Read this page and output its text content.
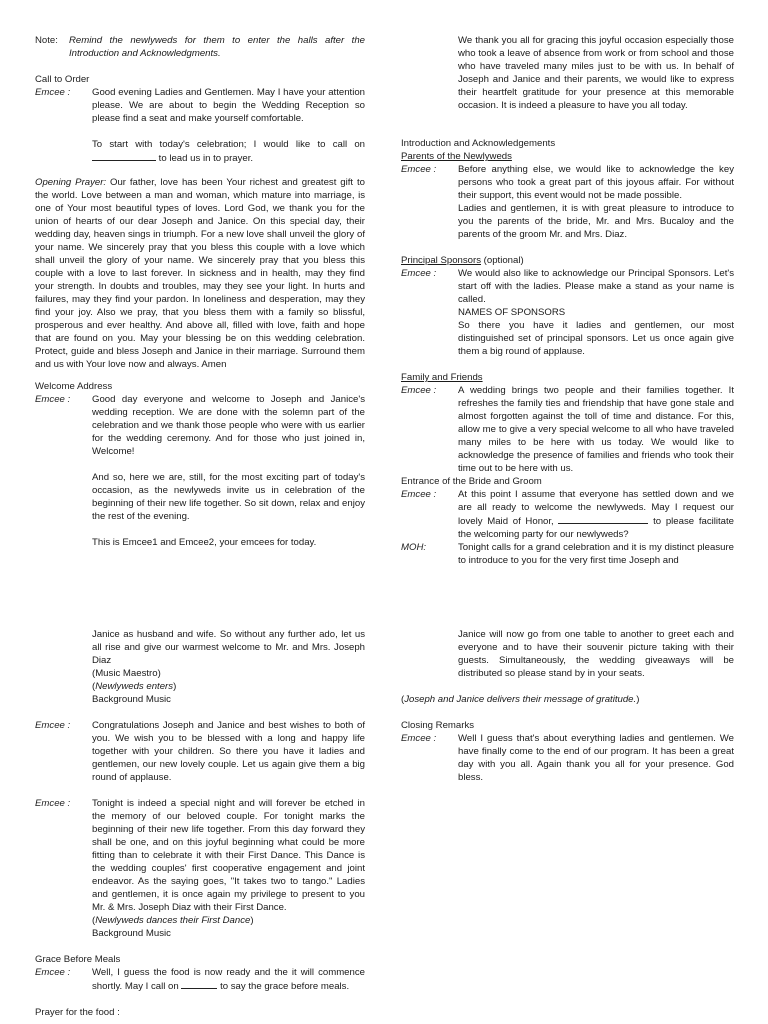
Note:	Remind the newlyweds for them to enter the halls after the Introduction and Acknowledgments.
Call to Order
Emcee :	Good evening Ladies and Gentlemen. May I have your attention please. We are about to begin the Wedding Reception so please find a seat and make yourself comfortable.

To start with today's celebration; I would like to call on  to lead us in to prayer.

Opening Prayer: Our father, love has been Your richest and greatest gift to the world. Love between a man and woman, which mature into marriage, is one of Your most beautiful types of loves. Lord God, we thank you for the union of hearts of our dear Joseph and Janice. On this special day, their wedding day, heaven sings in triumph. For a new love shall unveil the glory of your name. We sincerely pray that you bless this couple with a love which shall unveil the glory of your name. We sincerely pray that you bless this couple with a love to last forever. In sickness and in health, may they find your strength. In doubts and troubles, may they see your light. In hurts and failures, may they find your pardon. In loneliness and desperation, may they find your joy. Also we pray, that you bless them with a family so blissful, prosperous and ever healthy. And above all, filled with love, faith and hope that are found on you. May your blessing be on this wedding celebration. Protect, guide and bless Joseph and Janice in their marriage. Surround them and us with Your love now and always. Amen

Welcome Address
Emcee :	Good day everyone and welcome to Joseph and Janice's wedding reception. We are done with the solemn part of the celebration and we thank those people who were with us earlier for the wedding ceremony. And for those who just joined in, Welcome!

And so, here we are, still, for the most exciting part of today's occasion, as the newlyweds invite us in celebration of the beginning of their new life together. So sit down, relax and enjoy the rest of the evening.

This is Emcee1 and Emcee2, your emcees for today.

We thank you all for gracing this joyful occasion especially those who took a leave of absence from work or from school and those who have traveled many miles just to be with us. In behalf of Joseph and Janice and their parents, we would like to express their heartfelt gratitude for your presence at this memorable occasion. It is indeed a pleasure to have you all today.

Introduction and Acknowledgements
Parents of the Newlyweds
Emcee :	Before anything else, we would like to acknowledge the key persons who took a great part of this joyous affair. For without their support, this event would not be made possible.

Ladies and gentlemen, it is with great pleasure to introduce to you the parents of the bride, Mr. and Mrs. Bucaloy and the parents of the groom Mr. and Mrs. Diaz.

Principal Sponsors (optional)
Emcee :	We would also like to acknowledge our Principal Sponsors. Let's start off with the ladies. Please make a stand as your name is called.

NAMES OF SPONSORS

So there you have it ladies and gentlemen, our most distinguished set of principal sponsors. Let us once again give them a big round of applause.

Family and Friends
Emcee :	A wedding brings two people and their families together. It refreshes the family ties and friendship that have gone stale and almost forgotten against the toll of time and distance. For this, allow me to give a very special welcome to all who have traveled many miles to be here with us today. We would like to acknowledge the presence of families and friends who took their time out to be here with us.

Entrance of the Bride and Groom
Emcee :	At this point I assume that everyone has settled down and we are all ready to welcome the newlyweds. May I request our lovely Maid of Honor,	to please facilitate the welcoming party for our newlyweds?

MOH:	Tonight calls for a grand celebration and it is my distinct pleasure to introduce to you for the very first time Joseph and

Janice as husband and wife. So without any further ado, let us all rise and give our warmest welcome to Mr. and Mrs. Joseph Diaz

(Music Maestro)

(Newlyweds enters)

Background Music

Emcee :	Congratulations Joseph and Janice and best wishes to both of you. We wish you to be blessed with a long and happy life together with your children. So there you have it ladies and gentlemen, our new lovely couple. Let us again give them a big round of applause.

Emcee :	Tonight is indeed a special night and will forever be etched in the memory of our beloved couple. For tonight marks the beginning of their new life together. From this day forward they shall be one, and on this joyful beginning what could be more fitting than to celebrate it with their First Dance. This Dance is the wedding couples' first cooperative engagement and joint endeavor. As the saying goes, "It takes two to tango." Ladies and gentlemen, it is once again my privilege to present to you Mr. & Mrs. Joseph Diaz with their First Dance.

(Newlyweds dances their First Dance)

Background Music

Grace Before Meals
Emcee :	Well, I guess the food is now ready and the it will commence shortly. May I call on	to say the grace before meals.

Prayer for the food :

Janice will now go from one table to another to greet each and everyone and to have their souvenir picture taking with their guests. Simultaneously, the wedding giveaways will be distributed so please stand by in your seats.

(Joseph and Janice delivers their message of gratitude.)
Closing Remarks
Emcee :	Well I guess that's about everything ladies and gentlemen. We have finally come to the end of our program. It has been a great day with you all. Again thank you all for your presence. God bless.
